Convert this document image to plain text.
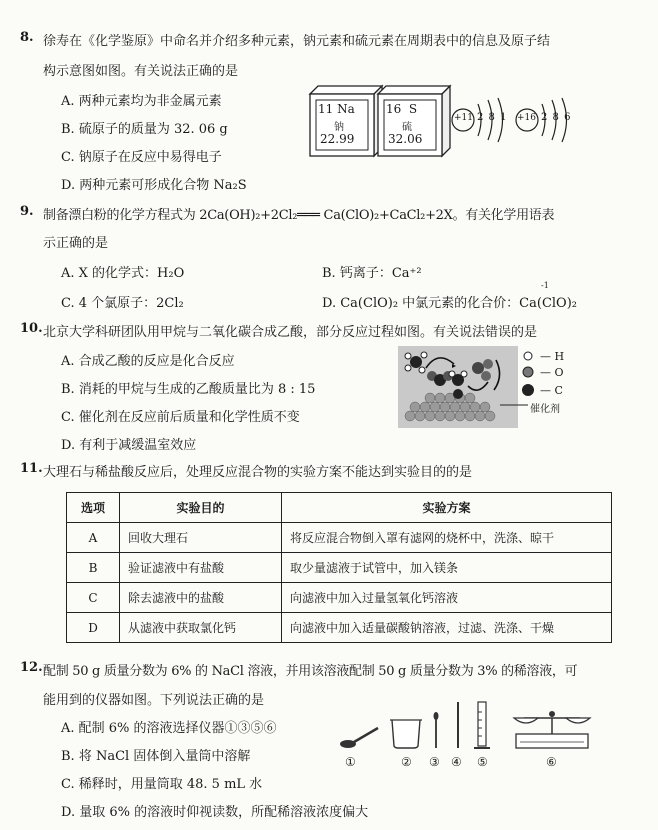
8. 徐寿在《化学鉴原》中命名并介绍多种元素，钠元素和硫元素在周期表中的信息及原子结
构示意图如图。有关说法正确的是
A. 两种元素均为非金属元素
B. 硫原子的质量为 32. 06 g
C. 钠原子在反应中易得电子
D. 两种元素可形成化合物 Na₂S
11 Na
钠
22.99
16 S
硫
32.06
+11 2 8 1 +16 2 8 6
9. 制备漂白粉的化学方程式为 2Ca(OH)₂+2Cl₂═══ Ca(ClO)₂+CaCl₂+2X。有关化学用语表
示正确的是
A. X 的化学式：H₂O	B. 钙离子：Ca⁺²
C. 4 个氯原子：2Cl₂	D. Ca(ClO)₂ 中氯元素的化合价：Ca(ClO)₂
-1
10. 北京大学科研团队用甲烷与二氧化碳合成乙酸，部分反应过程如图。有关说法错误的是
A. 合成乙酸的反应是化合反应
B. 消耗的甲烷与生成的乙酸质量比为 8 : 15
C. 催化剂在反应前后质量和化学性质不变
D. 有利于减缓温室效应
— H
— O
— C
催化剂
11. 大理石与稀盐酸反应后，处理反应混合物的实验方案不能达到实验目的的是
选项	实验目的	实验方案
A	回收大理石	将反应混合物倒入罩有滤网的烧杯中，洗涤、晾干
B	验证滤液中有盐酸	取少量滤液于试管中，加入镁条
C	除去滤液中的盐酸	向滤液中加入过量氢氧化钙溶液
D	从滤液中获取氯化钙	向滤液中加入适量碳酸钠溶液，过滤、洗涤、干燥
12. 配制 50 g 质量分数为 6% 的 NaCl 溶液，并用该溶液配制 50 g 质量分数为 3% 的稀溶液，可
能用到的仪器如图。下列说法正确的是
A. 配制 6% 的溶液选择仪器①③⑤⑥
B. 将 NaCl 固体倒入量筒中溶解
C. 稀释时，用量筒取 48. 5 mL 水
D. 量取 6% 的溶液时仰视读数，所配稀溶液浓度偏大
①	② ③ ④ ⑤	⑥
